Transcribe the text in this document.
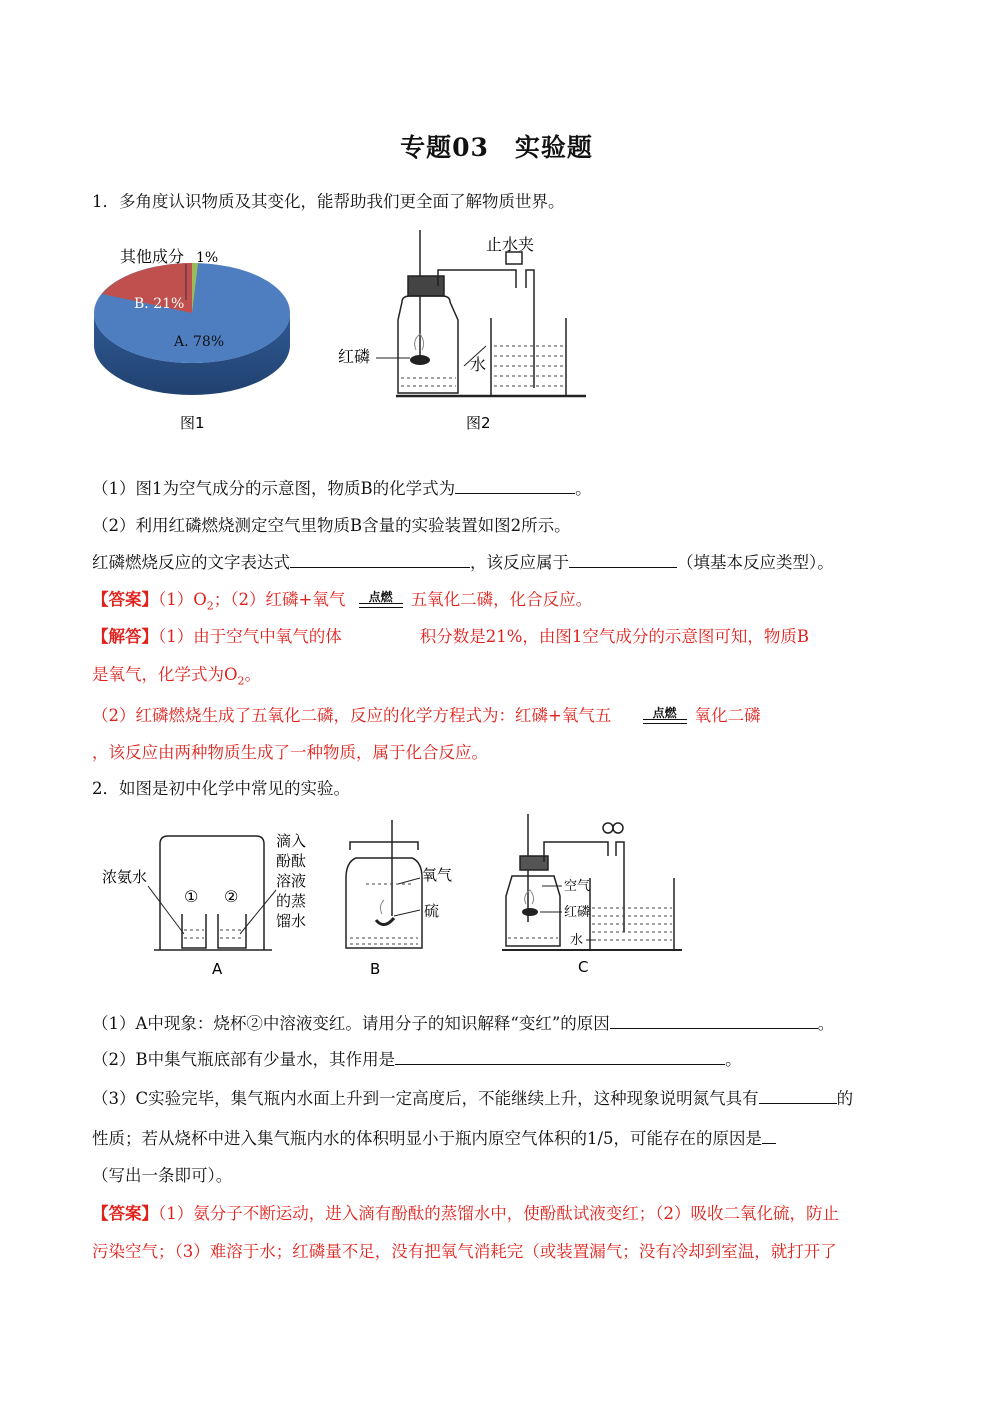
专题03　实验题
1．多角度认识物质及其变化，能帮助我们更全面了解物质世界。
其他成分 1%
B. 21%
A. 78%
图1
止水夹
红磷	水
图2
（1）图1为空气成分的示意图，物质B的化学式为	。
（2）利用红磷燃烧测定空气里物质B含量的实验装置如图2所示。
红磷燃烧反应的文字表达式	，该反应属于	（填基本反应类型）。
【答案】$(1)O_2$；（2）红磷+氧气	点燃	五氧化二磷，化合反应。
【解答】（1）由于空气中氧气的体	积分数是21%，由图1空气成分的示意图可知，物质B
是氧气，化学式为$O_2$。
（2）红磷燃烧生成了五氧化二磷，反应的化学方程式为：红磷+氧气五	点燃	氧化二磷
，该反应由两种物质生成了一种物质，属于化合反应。
2．如图是初中化学中常见的实验。
浓氨水
① ②
滴入
酚酞
溶液
的蒸
馏水
A
氧气
硫
B
空气
红磷
水
C
（1）A中现象：烧杯②中溶液变红。请用分子的知识解释“变红”的原因	。
（2）B中集气瓶底部有少量水，其作用是	。
（3）C实验完毕，集气瓶内水面上升到一定高度后，不能继续上升，这种现象说明氮气具有	的
性质；若从烧杯中进入集气瓶内水的体积明显小于瓶内原空气体积的1/5，可能存在的原因是
（写出一条即可）。
【答案】（1）氨分子不断运动，进入滴有酚酞的蒸馏水中，使酚酞试液变红；（2）吸收二氧化硫，防止
污染空气；（3）难溶于水；红磷量不足，没有把氧气消耗完（或装置漏气；没有冷却到室温，就打开了
